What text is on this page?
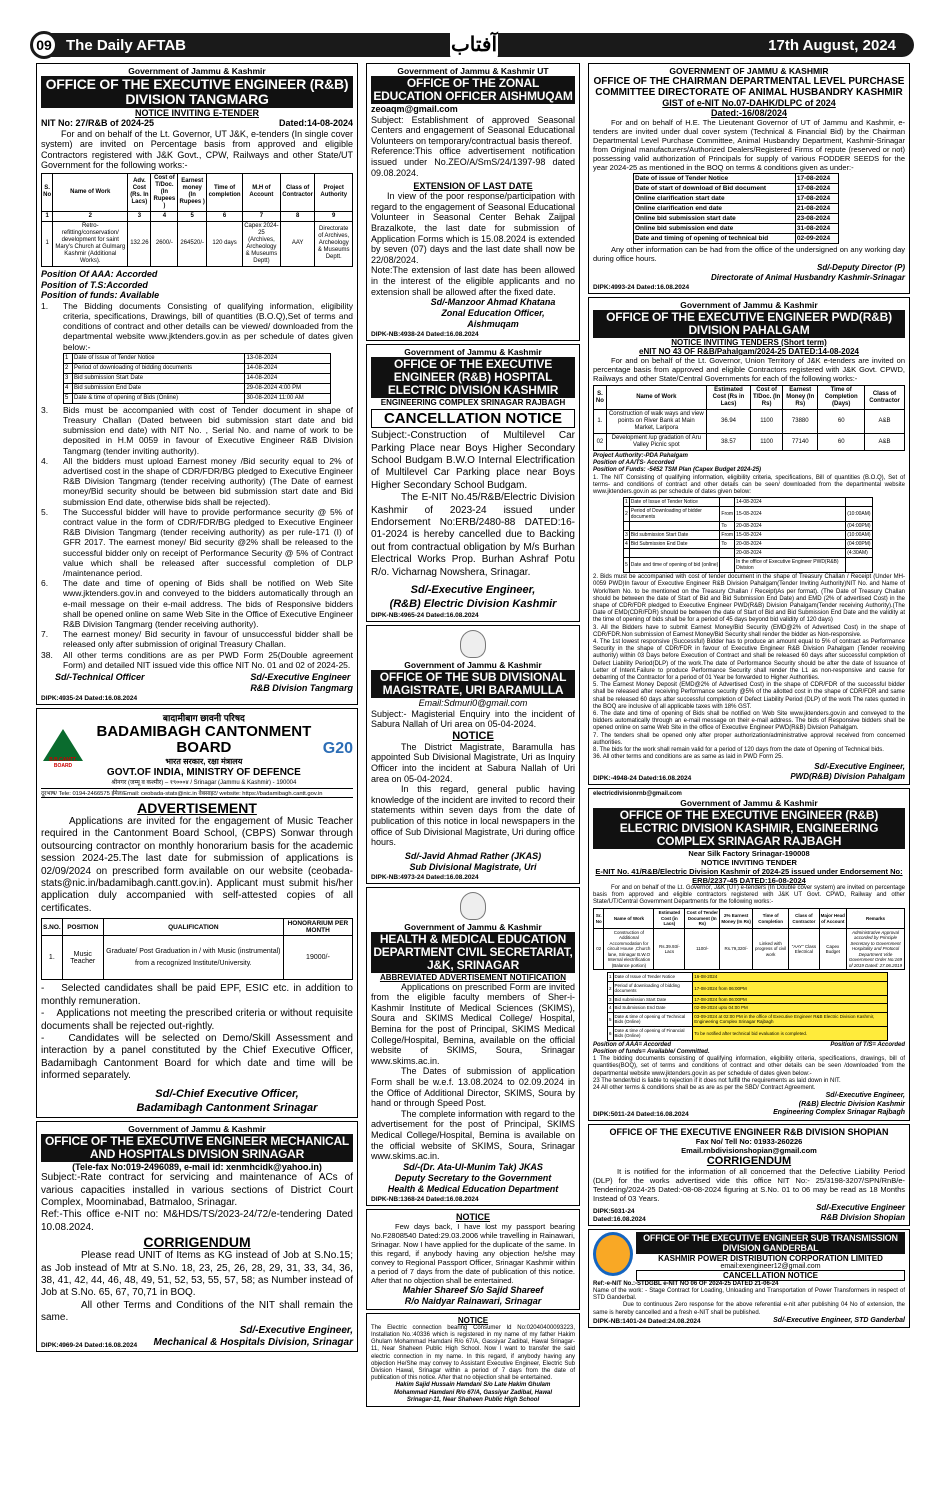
09 The Daily AFTAB	آفتاب	17th August, 2024
Government of Jammu & Kashmir
OFFICE OF THE EXECUTIVE ENGINEER (R&B) DIVISION TANGMARG
NOTICE INVITING E-TENDER
NIT No: 27/R&B of 2024-25	Dated:14-08-2024
For and on behalf of the Lt. Governor, UT J&K, e-tenders (In single cover system) are invited on Percentage basis from approved and eligible Contractors registered with J&K Govt., CPW, Railways and other State/UT Government for the following works:-
S. No	Name of Work	Adv. Cost (Rs. In Lacs)	Cost of T/Doc. (In Rupees )	Earnest money (In Rupees )	Time of completion	M.H of Account	Class of Contractor	Project Authority
1	2	3	4	5	6	7	8	9
1	Retro-refitting/conservation/ development for saint Mary's Church at Gulmarg Kashmir (Additional Works).	132.26	2600/-	264520/-	120 days	Capex 2024-25 (Archives, Archeology & Museums Deptt)	AAY	Directorate of Archives, Archeology & Museums Deptt.
Position Of AAA: Accorded
Position of T.S:Accorded
Position of funds: Available
1.	The Bidding documents Consisting of qualifying information, eligibility criteria, specifications, Drawings, bill of quantities (B.O.Q),Set of terms and conditions of contract and other details can be viewed/ downloaded from the departmental website www.jktenders.gov.in as per schedule of dates given below:-
1	Date of Issue of Tender Notice	13-08-2024
2	Period of downloading of bidding documents	14-08-2024
3	Bid submission Start Date	14-08-2024
4	Bid submission End Date	29-08-2024 4:00 PM
5	Date & time of opening of Bids (Online)	30-08-2024 11:00 AM
3.	Bids must be accompanied with cost of Tender document in shape of Treasury Challan (Dated between bid submission start date and bid submission end date) with NIT No. , Serial No. and name of work to be deposited in H.M 0059 in favour of Executive Engineer R&B Division Tangmarg (tender inviting authority).
4.	All the bidders must upload Earnest money /Bid security equal to 2% of advertised cost in the shape of CDR/FDR/BG pledged to Executive Engineer R&B Division Tangmarg (tender receiving authority) (The Date of earnest money/Bid security should be between bid submission start date and Bid submission End date, otherwise bids shall be rejected).
5.	The Successful bidder will have to provide performance security @ 5% of contract value in the form of CDR/FDR/BG pledged to Executive Engineer R&B Division Tangmarg (tender receiving authority) as per rule-171 (I) of GFR 2017. The earnest money/ Bid security @2% shall be released to the successful bidder only on receipt of Performance Security @ 5% of Contract value which shall be released after successful completion of DLP /maintenance period.
6.	The date and time of opening of Bids shall be notified on Web Site www.jktenders.gov.in and conveyed to the bidders automatically through an e-mail message on their e-mail address. The bids of Responsive bidders shall be opened online on same Web Site in the Office of Executive Engineer R&B Division Tangmarg (tender receiving authority).
7.	The earnest money/ Bid security in favour of unsuccessful bidder shall be released only after submission of original Treasury Challan.
38.	All other terms conditions are as per PWD Form 25(Double agreement Form) and detailed NIT issued vide this office NIT No. 01 and 02 of 2024-25.
Sd/-Technical Officer	Sd/-Executive Engineer
R&B Division Tangmarg
DIPK:4935-24 Dated:16.08.2024
B.B.CANTT. BOARD
बादामीबाग छावनी परिषद
BADAMIBAGH CANTONMENT BOARD
भारत सरकार, रक्षा मंत्रालय
GOVT.OF INDIA, MINISTRY OF DEFENCE
श्रीनगर (जम्मू व कश्मीर) – १९०००४ / Srinagar (Jammu & Kashmir) - 190004
G20
दूरभाष/ Tele: 0194-2466575 ईमेल/Email: ceobada-stats@nic.in वेबसाइट/ website: https://badamibagh.cantt.gov.in
ADVERTISEMENT
Applications are invited for the engagement of Music Teacher required in the Cantonment Board School, (CBPS) Sonwar through outsourcing contractor on monthly honorarium basis for the academic session 2024-25.The last date for submission of applications is 02/09/2024 on prescribed form available on our website (ceobada-stats@nic.in/badamibagh.cantt.gov.in). Applicant must submit his/her application duly accompanied with self-attested copies of all certificates.
S.NO.	POSITION	QUALIFICATION	HONORARIUM PER MONTH
1.	Music Teacher	Graduate/ Post Graduation in / with Music (instrumental) from a recognized Institute/University.	19000/-
-    Selected candidates shall be paid EPF, ESIC etc. in addition to monthly remuneration.
-    Applications not meeting the prescribed criteria or without requisite documents shall be rejected out-rightly.
-    Candidates will be selected on Demo/Skill Assessment and interaction by a panel constituted by the Chief Executive Officer, Badamibagh Cantonment Board for which date and time will be informed separately.
Sd/-Chief Executive Officer,
Badamibagh Cantonment Srinagar
Government of Jammu & Kashmir
OFFICE OF THE EXECUTIVE ENGINEER MECHANICAL AND HOSPITALS DIVISION SRINAGAR
(Tele-fax No:019-2496089, e-mail id: xenmhcidk@yahoo.in)
Subject:-Rate contract for servicing and maintenance of ACs of various capacities installed in various sections of District Court Complex, Moominabad, Batmaloo, Srinagar.
Ref:-This office e-NIT no: M&HDS/TS/2023-24/72/e-tendering Dated 10.08.2024.
CORRIGENDUM
Please read UNIT of Items as KG instead of Job at S.No.15; as Job instead of Mtr at S.No. 18, 23, 25, 26, 28, 29, 31, 33, 34, 36, 38, 41, 42, 44, 46, 48, 49, 51, 52, 53, 55, 57, 58; as Number instead of Job at S.No. 65, 67, 70,71 in BOQ.
All other Terms and Conditions of the NIT shall remain the same.
DIPK:4969-24 Dated:16.08.2024
Sd/-Executive Engineer,
Mechanical & Hospitals Division, Srinagar
Government of Jammu & Kashmir UT
OFFICE OF THE ZONAL EDUCATION OFFICER AISHMUQAM
zeoaqm@gmail.com
Subject: Establishment of approved Seasonal Centers and engagement of Seasonal Educational Volunteers on temporary/contractual basis thereof.
Reference:This office advertisement notification issued under No.ZEO/A/SmS/24/1397-98 dated 09.08.2024.
EXTENSION OF LAST DATE
In view of the poor response/participation with regard to the engagement of Seasonal Educational Volunteer in Seasonal Center Behak Zaijpal Brazalkote, the last date for submission of Application Forms which is 15.08.2024 is extended by seven (07) days and the last date shall now be 22/08/2024.
Note:The extension of last date has been allowed in the interest of the eligible applicants and no extension shall be allowed after the fixed date.
Sd/-Manzoor Ahmad Khatana
Zonal Education Officer,
Aishmuqam
DIPK-NB:4938-24 Dated:16.08.2024
Government of Jammu & Kashmir
OFFICE OF THE EXECUTIVE ENGINEER (R&B) HOSPITAL ELECTRIC DIVISION KASHMIR
ENGINEERING COMPLEX SRINAGAR RAJBAGH
CANCELLATION NOTICE
Subject:-Construction of Multilevel Car Parking Place near Boys Higher Secondary School Budgam B.W.O Internal Electrification of Multilevel Car Parking place near Boys Higher Secondary School Budgam.
The E-NIT No.45/R&B/Electric Division Kashmir of 2023-24 issued under Endorsement No:ERB/2480-88 DATED:16-01-2024 is hereby cancelled due to Backing out from contractual obligation by M/s Burhan Electrical Works Prop. Burhan Ashraf Potu R/o. Vicharnag Nowshera, Srinagar.
Sd/-Executive Engineer,
(R&B) Electric Division Kashmir
DIPK-NB:4965-24 Dated:16.08.2024
Government of Jammu & Kashmir
OFFICE OF THE SUB DIVISIONAL MAGISTRATE, URI BARAMULLA
Email:Sdmuri0@gmail.com
Subject:- Magisterial Enquiry into the incident of Sabura Nallah of Uri area on 05-04-2024.
NOTICE
The District Magistrate, Baramulla has appointed Sub Divisional Magistrate, Uri as Inquiry Officer into the incident at Sabura Nallah of Uri area on 05-04-2024.
In this regard, general public having knowledge of the incident are invited to record their statements within seven days from the date of publication of this notice in local newspapers in the office of Sub Divisional Magistrate, Uri during office hours.
Sd/-Javid Ahmad Rather (JKAS)
Sub Divisional Magistrate, Uri
DIPK-NB:4973-24 Dated:16.08.2024
Government of Jammu & Kashmir
HEALTH & MEDICAL EDUCATION DEPARTMENT CIVIL SECRETARIAT, J&K, SRINAGAR
ABBREVIATED ADVERTISEMENT NOTIFICATION
Applications on prescribed Form are invited from the eligible faculty members of Sher-i-Kashmir Institute of Medical Sciences (SKIMS), Soura and SKIMS Medical College/ Hospital, Bemina for the post of Principal, SKIMS Medical College/Hospital, Bemina, available on the official website of SKIMS, Soura, Srinagar www.skims.ac.in.
The Dates of submission of application Form shall be w.e.f. 13.08.2024 to 02.09.2024 in the Office of Additional Director, SKIMS, Soura by hand or through Speed Post.
The complete information with regard to the advertisement for the post of Principal, SKIMS Medical College/Hospital, Bemina is available on the official website of SKIMS, Soura, Srinagar www.skims.ac.in.
Sd/-(Dr. Ata-Ul-Munim Tak) JKAS
Deputy Secretary to the Government
Health & Medical Education Department
DIPK-NB:1368-24 Dated:16.08.2024
NOTICE
Few days back, I have lost my passport bearing No.F2808540 Dated:29.03.2006 while travelling in Rainawari, Srinagar. Now I have applied for the duplicate of the same. In this regard, if anybody having any objection he/she may convey to Regional Passport Officer, Srinagar Kashmir within a period of 7 days from the date of publication of this notice. After that no objection shall be entertained.
Mahier Shareef S/o Sajid Shareef
R/o Naidyar Rainawari, Srinagar
NOTICE
The Electric connection bearing Consumer Id No:02040400093223, Installation No.:40336 which is registered in my name of my father Hakim Ghulam Mohammad Hamdani R/o 67/A, Gassiyar Zadibal, Hawal Srinagar-11, Near Shaheen Public High School. Now I want to transfer the said electric connection in my name. In this regard, if anybody having any objection He/She may convey to Assistant Executive Engineer, Electric Sub Division Hawal, Srinagar within a period of 7 days from the date of publication of this notice. After that no objection shall be entertained.
Hakim Sajid Hussain Hamdani S/o Late Hakim Ghulam
Mohammad Hamdani R/o 67/A, Gassiyar Zadibal, Hawal
Srinagar-11, Near Shaheen Public High School
GOVERNMENT OF JAMMU & KASHMIR
OFFICE OF THE CHAIRMAN DEPARTMENTAL LEVEL PURCHASE COMMITTEE DIRECTORATE OF ANIMAL HUSBANDRY KASHMIR
GIST of e-NIT No.07-DAHK/DLPC of 2024
Dated:-16/08/2024
For and on behalf of H.E. The Lieutenant Governor of UT of Jammu and Kashmir, e-tenders are invited under dual cover system (Technical & Financial Bid) by the Chairman Departmental Level Purchase Committee, Animal Husbandry Department, Kashmir-Srinagar from Original manufacturers/Authorized Dealers/Registered Firms of repute (reserved or not) possessing valid authorization of Principals for supply of various FODDER SEEDS for the year 2024-25 as mentioned in the BOQ on terms & conditions given as under:-
Date of issue of Tender Notice	17-08-2024
Date of start of download of Bid document	17-08-2024
Online clarification start date	17-08-2024
Online clarification end date	21-08-2024
Online bid submission start date	23-08-2024
Online bid submission end date	31-08-2024
Date and timing of opening of technical bid	02-09-2024
Any other information can be had from the office of the undersigned on any working day during office hours.
Sd/-Deputy Director (P)
Directorate of Animal Husbandry Kashmir-Srinagar
DIPK:4993-24 Dated:16.08.2024
Government of Jammu & Kashmir
OFFICE OF THE EXECUTIVE ENGINEER PWD(R&B) DIVISION PAHALGAM
NOTICE INVITING TENDERS (Short term)
eNIT NO 43 OF R&B/Pahalgam/2024-25 DATED:14-08-2024
For and on behalf of the Lt. Governor, Union Territory of J&K e-tenders are invited on percentage basis from approved and eligible Contractors registered with J&K Govt. CPWD, Railways and other State/Central Governments for each of the following works:-
S. No	Name of Work	Estimated Cost (Rs in Lacs)	Cost of T/Doc. (In Rs)	Earnest Money (In Rs)	Time of Completion (Days)	Class of Contractor
1.	Construction of walk ways and view points on River Bank at Main Market, Laripora	36.94	1100	73880	60	A&B
02	Development /up gradation of Aru Valley Picnic spot	38.57	1100	77140	60	A&B
Project Authority:-PDA Pahalgam
Position of AA/TS- Accorded
Position of Funds: -5452 TSM Plan (Capex Budget 2024-25)
1. The NIT Consisting of qualifying information, eligibility criteria, specifications, Bill of quantities (B.O.Q), Set of terms- and conditions of contract and other details can be seen/ downloaded from the departmental website www.jktenders.gov.in as per schedule of dates given below:
1	Date of Issue of Tender Notice		14-08-2024	
2	Period of Downloading of bidder documents	From	15-08-2024	(10:00AM)
		To	20-08-2024	(04:00PM)
3	Bid submission Start Date	From	15-08-2024	(10:00AM)
4	Bid Submission End Date	To	20-08-2024	(04:00PM)
			20-08-2024	(4:30AM)
5	Date and time of opening of bid (online)		In the office of Executive Engineer PWD(R&B) Division	
2. Bids must be accompanied with cost of tender document in the shape of Treasury Challan / Receipt (Under MH-0059 PWD)In favour of Executive Engineer R&B Division Pahalgam(Tender Inviting Authority)NIT No. and Name of Work/Item No. to be mentioned on the Treasury Challan / Receipt)As per format). (The Date of Treasury Challan should be between the date of Start of Bid and Bid Submission End Date) and EMD (2% of advertised Cost) in the shape of CDR/FDR pledged to Executive Engineer PWD(R&B) Division Pahalgam(Tender receiving Authority).(The Date of EMD(CDR/FDR) should be between the date of Start of Bid and Bid Submission End Date and the validity at the time of opening of bids shall be for a period of 45 days beyond bid validity of 120 days)
3. All the Bidders have to submit Earnest Money/Bid Security (EMD@2% of Advertised Cost) in the shape of CDR/FDR.Non submission of Earnest Money/Bid Security shall render the bidder as Non-responsive.
4. The 1st lowest responsive (Successful) Bidder has to produce an amount equal to 5% of contract as Performance Security in the shape of CDR/FDR in favour of Executive Engineer R&B Division Pahalgam (Tender receiving authority) within 03 Days before Execution of Contract and shall be released 60 days after successful completion of Defect Liability Period(DLP) of the work.The date of Performance Security should be after the date of Issuance of Letter of Intent.Failure to produce Performance Security shall render the L1 as non-responsive and cause for debarring of the Contractor for a period of 01 Year be forwarded to Higher Authorities.
5. The Earnest Money Deposit (EMD@2% of Advertised Cost) in the shape of CDR/FDR of the successful bidder shall be released after receiving Performance security @5% of the allotted cost in the shape of CDR/FDR and same shall be released 60 days after successful completion of Defect Liability Period (DLP) of the work The rates quoted in the BOQ are inclusive of all applicable taxes with 18% GST.
6. The date and time of opening of Bids shall be notified on Web Site www.jktenders.gov.in and conveyed to the bidders automatically through an e-mail message on their e-mail address. The bids of Responsive bidders shall be opened online on same Web Site in the office of Executive Engineer PWD(R&B) Division Pahalgam.
7. The tenders shall be opened only after proper authorization/administrative approval received from concerned authorities.
8. The bids for the work shall remain valid for a period of 120 days from the date of Opening of Technical bids.
36. All other terms and conditions are as same as laid in PWD Form 25.
DIPK:-4948-24 Dated:16.08.2024
Sd/-Executive Engineer,
PWD(R&B) Division Pahalgam
electricdivisionrnb@gmail.com
Government of Jammu & Kashmir
OFFICE OF THE EXECUTIVE ENGINEER (R&B) ELECTRIC DIVISION KASHMIR, ENGINEERING COMPLEX SRINAGAR RAJBAGH
Near Silk Factory Srinagar-190008
NOTICE INVITING TENDER
E-NIT No. 41/R&B/Electric Division Kashmir of 2024-25 issued under Endorsement No: ERB/2237-45 DATED:16-08-2024
For and on behalf of the Lt. Governor, J&K (UT) e-tenders (In Double cover system) are invited on percentage basis from approved and eligible contractors registered with J&K UT Govt. CPWD, Railway and other State/UT/Central Government Departments for the following works:-
Sr. No	Name of Work	Estimated Cost (in Lacs)	Cost of Tender Document (In Rs)	2% Earnest Money (In Rs)	Time of Completion	Class of Contractor	Major Head of Account	Remarks
02	Construction of Additional Accommodation for circuit House ,Church lane, Srinagar B.W.O Internal electrification (Balance portion)	Rs.39.93/- Lacs	1100/-	Rs.79,320/-	Linked with progress of civil work	"AAY" Class Electrical	Capex Budget	Administrative Approval accorded by Principle Secretary to Government Hospitality and Protocol Department Vide Government Order No:169 of 2019 Dated: 27.06.2019
1	Date of Issue of Tender Notice	16-08-2024
2	Period of downloading of bidding documents	17-08-2024 from 06:00PM
3	Bid submission Start Date	17-08-2024 from 06:00PM
4	Bid Submission End Date	02-09-2024 upto 04:00 PM
5	Date & time of opening of Technical Bids (Online)	03-09-2024 at 02:00 PM in the office of Executive Engineer R&B Electric Division Kashmir, Engineering Complex Srinagar Rajbagh
6	Date & time of opening of Financial Bids (Online)	To be notified after technical bid evaluation is completed.
Position of AAA= Accorded	Position of T/S= Accorded
Position of funds= Available/ Committed.
1 The bidding documents consisting of qualifying information, eligibility criteria, specifications, drawings, bill of quantities(BOQ), set of terms and conditions of contract and other details can be seen /downloaded from the departmental website www.jktenders.gov.in as per schedule of dates given below:-
23 The tender/bid is liable to rejection if it does not fulfill the requirements as laid down in NIT.
24 All other terms & conditions shall be as are as per the SBD/ Contract Agreement.
DIPK:5011-24 Dated:16.08.2024
Sd/-Executive Engineer,
(R&B) Electric Division Kashmir
Engineering Complex Srinagar Rajbagh
OFFICE OF THE EXECUTIVE ENGINEER R&B DIVISION SHOPIAN
Fax No/ Tell No: 01933-260226
Email.rnbdivisionshopian@gmail.com
CORRIGENDUM
It is notified for the information of all concerned that the Defective Liability Period (DLP) for the works advertised vide this office NIT No:- 25/3198-3207/SPN/RnB/e-Tendering/2024-25 Dated:-08-08-2024 figuring at S.No. 01 to 06 may be read as 18 Months Instead of 03 Years.
DIPK:5031-24
Dated:16.08.2024
Sd/-Executive Engineer
R&B Division Shopian
OFFICE OF THE EXECUTIVE ENGINEER SUB TRANSMISSION DIVISION GANDERBAL
KASHMIR POWER DISTRIBUTION CORPORATION LIMITED
email:exengineer12@gmail.com
CANCELLATION NOTICE
Ref:-e-NIT No.:-STDGBL e-NIT NO 06 OF 2024-25 DATED 21-06-24
Name of the work: - Stage Contract for Loading, Unloading and Transportation of Power Transformers in respect of STD Ganderbal.
Due to continuous Zero response for the above referential e-nit after publishing 04 No of extension, the same is hereby cancelled and a fresh e-NIT shall be published.
DIPK-NB:1401-24 Dated:24.08.2024	Sd/-Executive Engineer, STD Ganderbal
